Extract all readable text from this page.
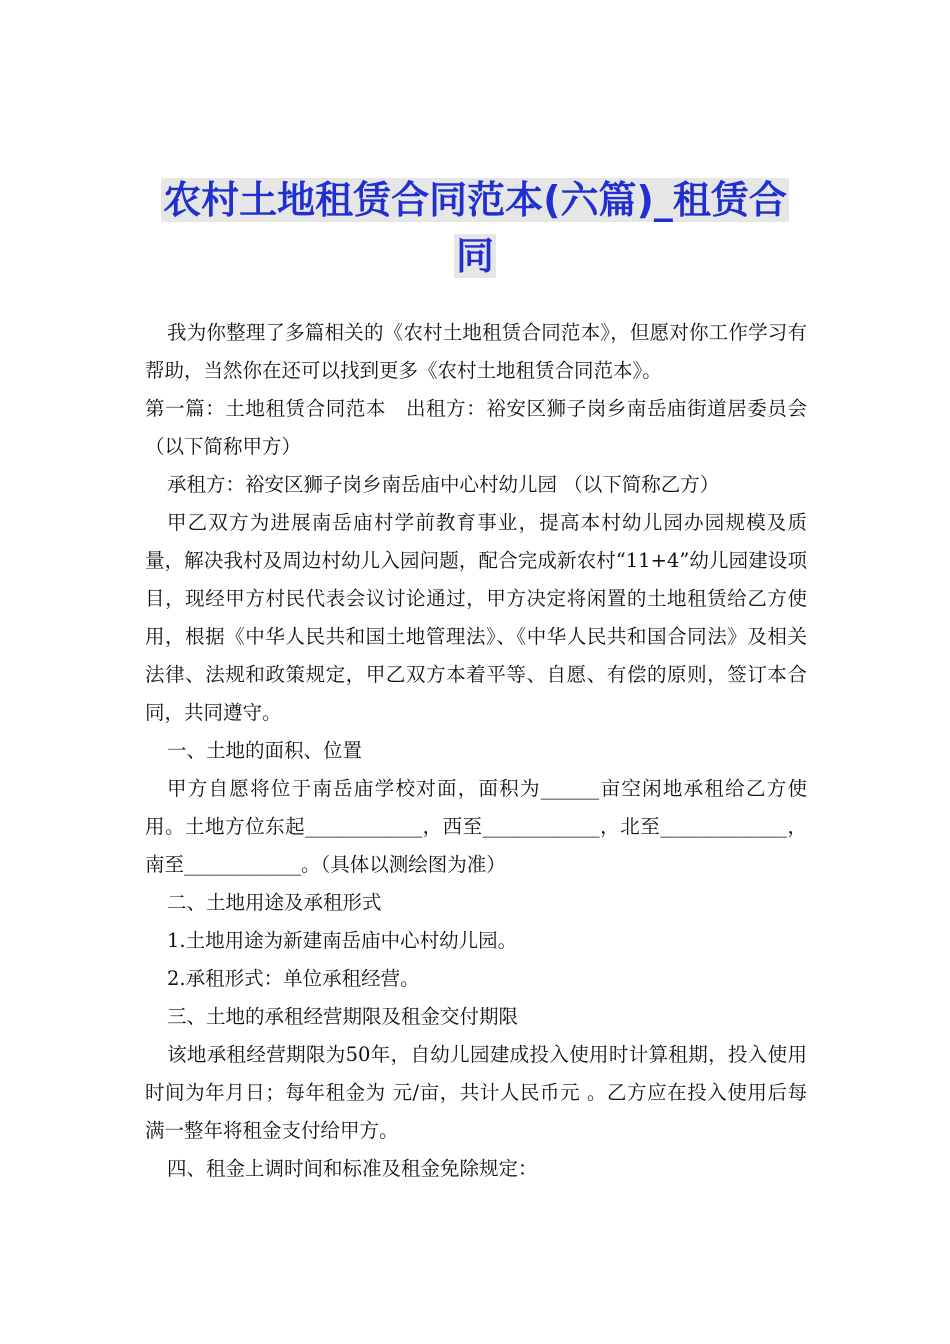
农村土地租赁合同范本(六篇)_租赁合
同

我为你整理了多篇相关的《农村土地租赁合同范本》，但愿对你工作学习有帮助，当然你在还可以找到更多《农村土地租赁合同范本》。

第一篇：土地租赁合同范本　出租方：裕安区狮子岗乡南岳庙街道居委员会 （以下简称甲方）

承租方：裕安区狮子岗乡南岳庙中心村幼儿园 （以下简称乙方）

甲乙双方为进展南岳庙村学前教育事业，提高本村幼儿园办园规模及质量，解决我村及周边村幼儿入园问题，配合完成新农村“11+4”幼儿园建设项目，现经甲方村民代表会议讨论通过，甲方决定将闲置的土地租赁给乙方使用，根据《中华人民共和国土地管理法》、《中华人民共和国合同法》及相关法律、法规和政策规定，甲乙双方本着平等、自愿、有偿的原则，签订本合同，共同遵守。

一、土地的面积、位置

甲方自愿将位于南岳庙学校对面，面积为______亩空闲地承租给乙方使用。土地方位东起____________，西至____________，北至_____________，南至____________。（具体以测绘图为准）

二、土地用途及承租形式

1.土地用途为新建南岳庙中心村幼儿园。

2.承租形式：单位承租经营。

三、土地的承租经营期限及租金交付期限

该地承租经营期限为50年，自幼儿园建成投入使用时计算租期，投入使用时间为年月日；每年租金为 元/亩，共计人民币元 。乙方应在投入使用后每满一整年将租金支付给甲方。

四、租金上调时间和标准及租金免除规定：
